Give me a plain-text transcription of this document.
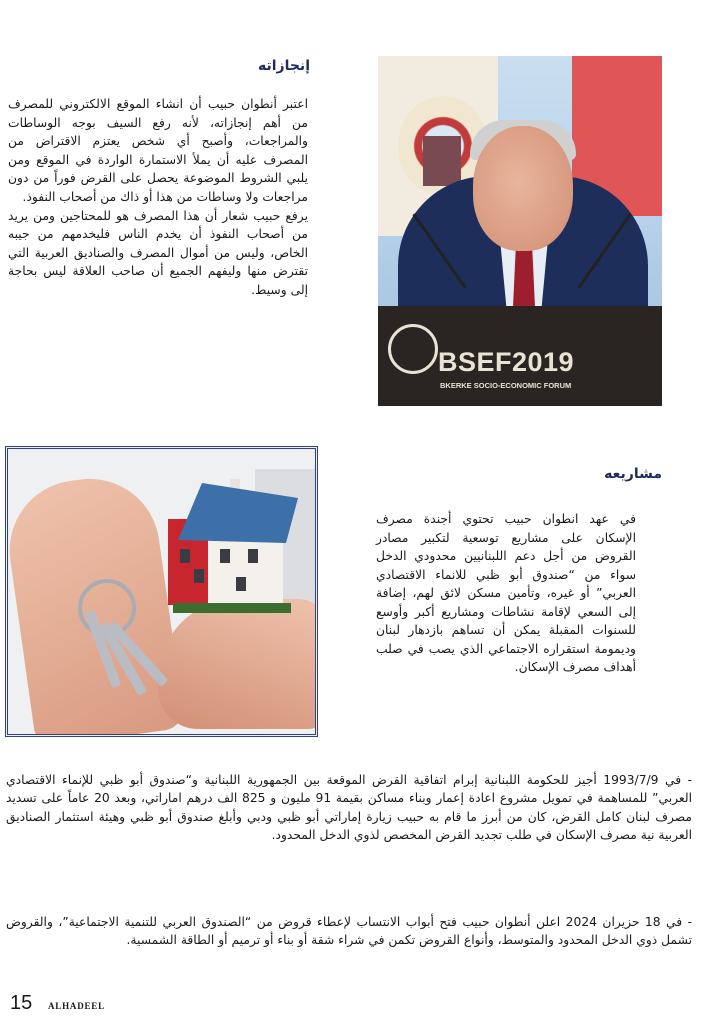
إنجازاته

اعتبر أنطوان حبيب أن انشاء الموقع الالكتروني للمصرف من أهم إنجازاته، لأنه رفع السيف بوجه الوساطات والمراجعات، وأصبح أي شخص يعتزم الاقتراض من المصرف عليه أن يملأ الاستمارة الواردة في الموقع ومن يلبي الشروط الموضوعة يحصل على القرض فوراً من دون مراجعات ولا وساطات من هذا أو ذاك من أصحاب النفوذ.

يرفع حبيب شعار أن هذا المصرف هو للمحتاجين ومن يريد من أصحاب النفوذ أن يخدم الناس فليخدمهم من جيبه الخاص، وليس من أموال المصرف والصناديق العربية التي تقترض منها وليفهم الجميع أن صاحب العلاقة ليس بحاجة إلى وسيط.

BSEF2019
BKERKE SOCIO-ECONOMIC FORUM
مشاريعه

في عهد انطوان حبيب تحتوي أجندة مصرف الإسكان على مشاريع توسعية لتكبير مصادر القروض من أجل دعم اللبنانيين محدودي الدخل سواء من “صندوق أبو ظبي للانماء الاقتصادي العربي” أو غيره، وتأمين مسكن لائق لهم، إضافة إلى السعي لإقامة نشاطات ومشاريع أكبر وأوسع للسنوات المقبلة يمكن أن تساهم بازدهار لبنان وديمومة استقراره الاجتماعي الذي يصب في صلب أهداف مصرف الإسكان.

- في 1993/7/9 أجيز للحكومة اللبنانية إبرام اتفاقية القرض الموقعة بين الجمهورية اللبنانية و“صندوق أبو ظبي للإنماء الاقتصادي العربي” للمساهمة في تمويل مشروع اعادة إعمار وبناء مساكن بقيمة 91 مليون و 825 الف درهم اماراتي، وبعد 20 عاماً على تسديد مصرف لبنان كامل القرض، كان من أبرز ما قام به حبيب زيارة إماراتي أبو ظبي ودبي وأبلغ صندوق أبو ظبي وهيئة استثمار الصناديق العربية نية مصرف الإسكان في طلب تجديد القرض المخصص لذوي الدخل المحدود.

- في 18 حزيران 2024 اعلن أنطوان حبيب فتح أبواب الانتساب لإعطاء قروض من “الصندوق العربي للتنمية الاجتماعية”، والقروض تشمل ذوي الدخل المحدود والمتوسط، وأنواع القروض تكمن في شراء شقة أو بناء أو ترميم أو الطاقة الشمسية.

15 ALHADEEL
